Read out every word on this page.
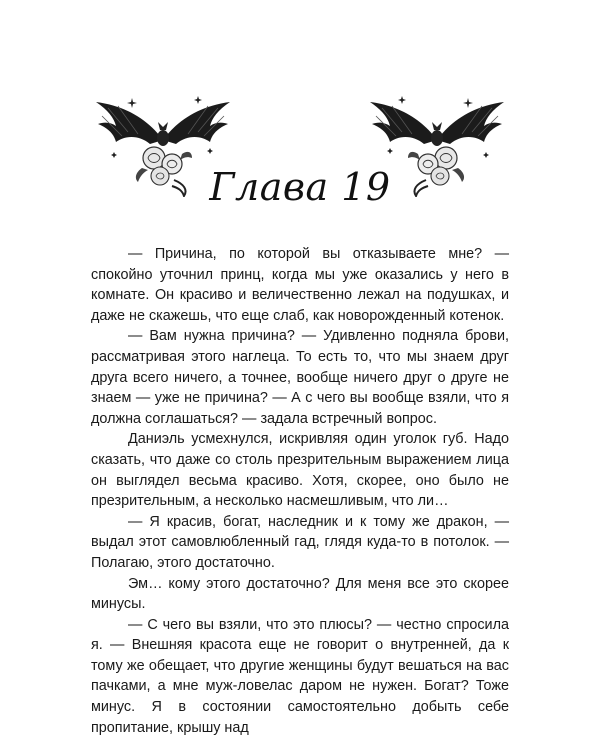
Глава 19

— Причина, по которой вы отказываете мне? — спокойно уточнил принц, когда мы уже оказались у него в комнате. Он красиво и величественно лежал на подушках, и даже не скажешь, что еще слаб, как новорожденный котенок.

— Вам нужна причина? — Удивленно подняла брови, рассматривая этого наглеца. То есть то, что мы знаем друг друга всего ничего, а точнее, вообще ничего друг о друге не знаем — уже не причина? — А с чего вы вообще взяли, что я должна соглашаться? — задала встречный вопрос.

Даниэль усмехнулся, искривляя один уголок губ. Надо сказать, что даже со столь презрительным выражением лица он выглядел весьма красиво. Хотя, скорее, оно было не презрительным, а несколько насмешливым, что ли…

— Я красив, богат, наследник и к тому же дракон, — выдал этот самовлюбленный гад, глядя куда-то в потолок. — Полагаю, этого достаточно.

Эм… кому этого достаточно? Для меня все это скорее минусы.

— С чего вы взяли, что это плюсы? — честно спросила я. — Внешняя красота еще не говорит о внутренней, да к тому же обещает, что другие женщины будут вешаться на вас пачками, а мне муж-ловелас даром не нужен. Богат? Тоже минус. Я в состоянии самостоятельно добыть себе пропитание, крышу над
